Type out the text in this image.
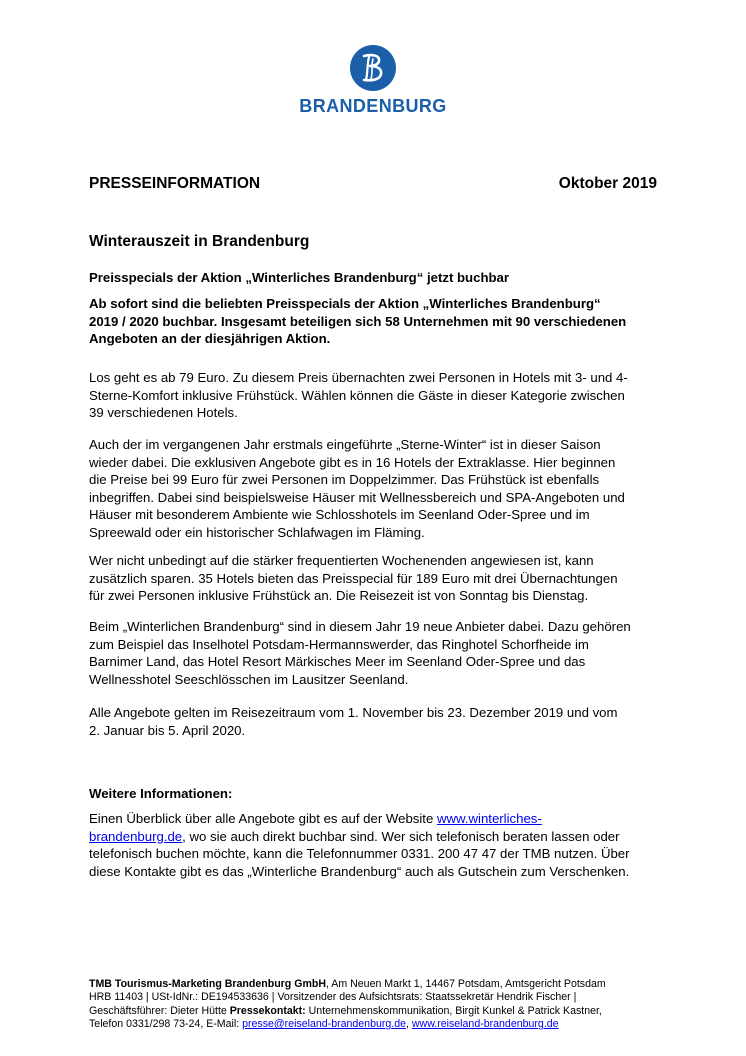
BRANDENBURG
PRESSEINFORMATION	Oktober 2019
Winterauszeit in Brandenburg
Preisspecials der Aktion „Winterliches Brandenburg“ jetzt buchbar

Ab sofort sind die beliebten Preisspecials der Aktion „Winterliches Brandenburg“
2019 / 2020 buchbar. Insgesamt beteiligen sich 58 Unternehmen mit 90 verschiedenen
Angeboten an der diesjährigen Aktion.

Los geht es ab 79 Euro. Zu diesem Preis übernachten zwei Personen in Hotels mit 3- und 4-
Sterne-Komfort inklusive Frühstück. Wählen können die Gäste in dieser Kategorie zwischen
39 verschiedenen Hotels.

Auch der im vergangenen Jahr erstmals eingeführte „Sterne-Winter“ ist in dieser Saison
wieder dabei. Die exklusiven Angebote gibt es in 16 Hotels der Extraklasse. Hier beginnen
die Preise bei 99 Euro für zwei Personen im Doppelzimmer. Das Frühstück ist ebenfalls
inbegriffen. Dabei sind beispielsweise Häuser mit Wellnessbereich und SPA-Angeboten und
Häuser mit besonderem Ambiente wie Schlosshotels im Seenland Oder-Spree und im
Spreewald oder ein historischer Schlafwagen im Fläming.

Wer nicht unbedingt auf die stärker frequentierten Wochenenden angewiesen ist, kann
zusätzlich sparen. 35 Hotels bieten das Preisspecial für 189 Euro mit drei Übernachtungen
für zwei Personen inklusive Frühstück an. Die Reisezeit ist von Sonntag bis Dienstag.

Beim „Winterlichen Brandenburg“ sind in diesem Jahr 19 neue Anbieter dabei. Dazu gehören
zum Beispiel das Inselhotel Potsdam-Hermannswerder, das Ringhotel Schorfheide im
Barnimer Land, das Hotel Resort Märkisches Meer im Seenland Oder-Spree und das
Wellnesshotel Seeschlösschen im Lausitzer Seenland.

Alle Angebote gelten im Reisezeitraum vom 1. November bis 23. Dezember 2019 und vom
2. Januar bis 5. April 2020.

Weitere Informationen:

Einen Überblick über alle Angebote gibt es auf der Website www.winterliches-
brandenburg.de, wo sie auch direkt buchbar sind. Wer sich telefonisch beraten lassen oder
telefonisch buchen möchte, kann die Telefonnummer 0331. 200 47 47 der TMB nutzen. Über
diese Kontakte gibt es das „Winterliche Brandenburg“ auch als Gutschein zum Verschenken.

TMB Tourismus-Marketing Brandenburg GmbH, Am Neuen Markt 1, 14467 Potsdam, Amtsgericht Potsdam
HRB 11403 | USt-IdNr.: DE194533636 | Vorsitzender des Aufsichtsrats: Staatssekretär Hendrik Fischer |
Geschäftsführer: Dieter Hütte Pressekontakt: Unternehmenskommunikation, Birgit Kunkel & Patrick Kastner,
Telefon 0331/298 73-24, E-Mail: presse@reiseland-brandenburg.de, www.reiseland-brandenburg.de
